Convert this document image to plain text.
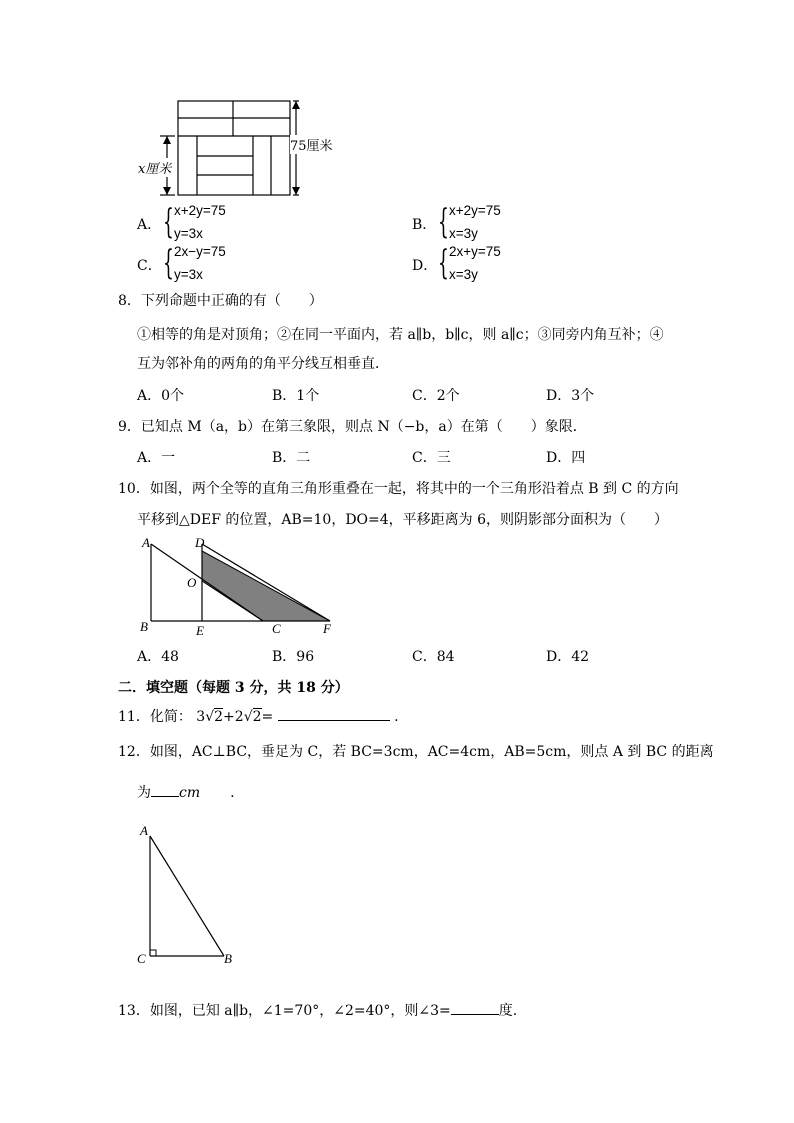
75厘米
x厘米
A． { x+2y=75
y=3x
B． { x+2y=75
x=3y
C． { 2x−y=75
y=3x
D． { 2x+y=75
x=3y
8．下列命题中正确的有（　　）
①相等的角是对顶角；②在同一平面内，若 a∥b，b∥c，则 a∥c；③同旁内角互补；④
互为邻补角的两角的角平分线互相垂直．
A．0个	B．1个	C．2个	D．3个
9．已知点 M（a，b）在第三象限，则点 N（−b，a）在第（　　）象限．
A．一	B．二	C．三	D．四
10．如图，两个全等的直角三角形重叠在一起，将其中的一个三角形沿着点 B 到 C 的方向
平移到△DEF 的位置，AB=10，DO=4，平移距离为 6，则阴影部分面积为（　　）
A	D
O
B	E	C	F
A．48	B．96	C．84	D．42
二．填空题（每题 3 分，共 18 分）
11．化简： 3√2+2√2=	.
12．如图，AC⊥BC，垂足为 C，若 BC=3cm，AC=4cm，AB=5cm，则点 A 到 BC 的距离
为 cm .
A
C	B
13．如图，已知 a∥b，∠1=70°，∠2=40°，则∠3=	度.
